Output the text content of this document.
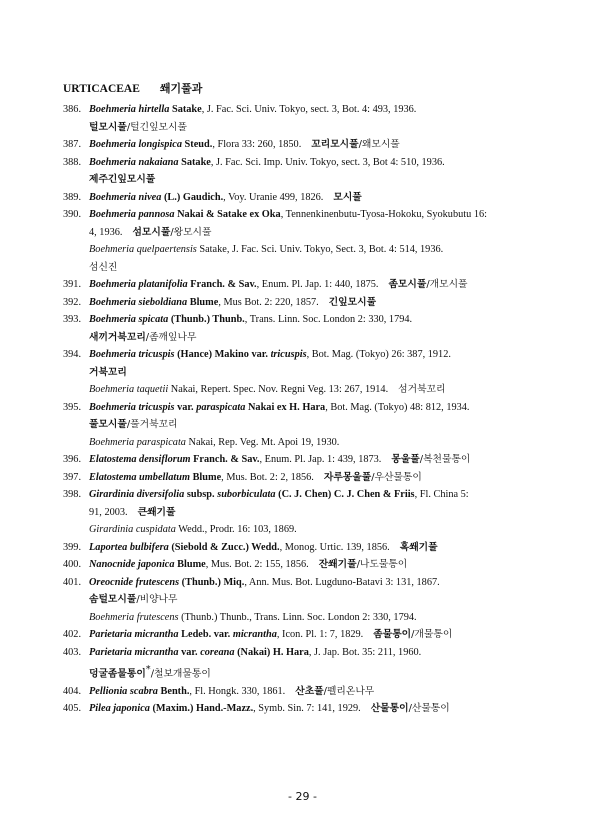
URTICACEAE 쐐기풀과
386. Boehmeria hirtella Satake, J. Fac. Sci. Univ. Tokyo, sect. 3, Bot. 4: 493, 1936.

털모시풀/털긴잎모시풀

387. Boehmeria longispica Steud., Flora 33: 260, 1850. 꼬리모시풀/왜모시풀

388. Boehmeria nakaiana Satake, J. Fac. Sci. Imp. Univ. Tokyo, sect. 3, Bot 4: 510, 1936.

제주긴잎모시풀

389. Boehmeria nivea (L.) Gaudich., Voy. Uranie 499, 1826. 모시풀

390. Boehmeria pannosa Nakai & Satake ex Oka, Tennenkinenbutu-Tyosa-Hokoku, Syokubutu 16:

4, 1936. 섬모시풀/왕모시풀

Boehmeria quelpaertensis Satake, J. Fac. Sci. Univ. Tokyo, Sect. 3, Bot. 4: 514, 1936.

섬신진

391. Boehmeria platanifolia Franch. & Sav., Enum. Pl. Jap. 1: 440, 1875. 좀모시풀/개모시풀

392. Boehmeria sieboldiana Blume, Mus Bot. 2: 220, 1857. 긴잎모시풀

393. Boehmeria spicata (Thunb.) Thunb., Trans. Linn. Soc. London 2: 330, 1794.

새끼거북꼬리/좀깨잎나무

394. Boehmeria tricuspis (Hance) Makino var. tricuspis, Bot. Mag. (Tokyo) 26: 387, 1912.

거북꼬리

Boehmeria taquetii Nakai, Repert. Spec. Nov. Regni Veg. 13: 267, 1914. 섬거북꼬리

395. Boehmeria tricuspis var. paraspicata Nakai ex H. Hara, Bot. Mag. (Tokyo) 48: 812, 1934.

풀모시풀/풀거북꼬리

Boehmeria paraspicata Nakai, Rep. Veg. Mt. Apoi 19, 1930.

396. Elatostema densiflorum Franch. & Sav., Enum. Pl. Jap. 1: 439, 1873. 몽울풀/복천물통이

397. Elatostema umbellatum Blume, Mus. Bot. 2: 2, 1856. 자루몽울풀/우산물통이

398. Girardinia diversifolia subsp. suborbiculata (C. J. Chen) C. J. Chen & Friis, Fl. China 5:

91, 2003. 큰쐐기풀

Girardinia cuspidata Wedd., Prodr. 16: 103, 1869.

399. Laportea bulbifera (Siebold & Zucc.) Wedd., Monog. Urtic. 139, 1856. 혹쐐기풀

400. Nanocnide japonica Blume, Mus. Bot. 2: 155, 1856. 잔쐐기풀/나도물통이

401. Oreocnide frutescens (Thunb.) Miq., Ann. Mus. Bot. Lugduno-Batavi 3: 131, 1867.

솜털모시풀/비양나무

Boehmeria frutescens (Thunb.) Thunb., Trans. Linn. Soc. London 2: 330, 1794.

402. Parietaria micrantha Ledeb. var. micrantha, Icon. Pl. 1: 7, 1829. 좀물통이/개물통이

403. Parietaria micrantha var. coreana (Nakai) H. Hara, J. Jap. Bot. 35: 211, 1960.

덩굴좀물통이*/철보개물통이

404. Pellionia scabra Benth., Fl. Hongk. 330, 1861. 산초풀/펠리온나무

405. Pilea japonica (Maxim.) Hand.-Mazz., Symb. Sin. 7: 141, 1929. 산물통이/산물통이

- 29 -
